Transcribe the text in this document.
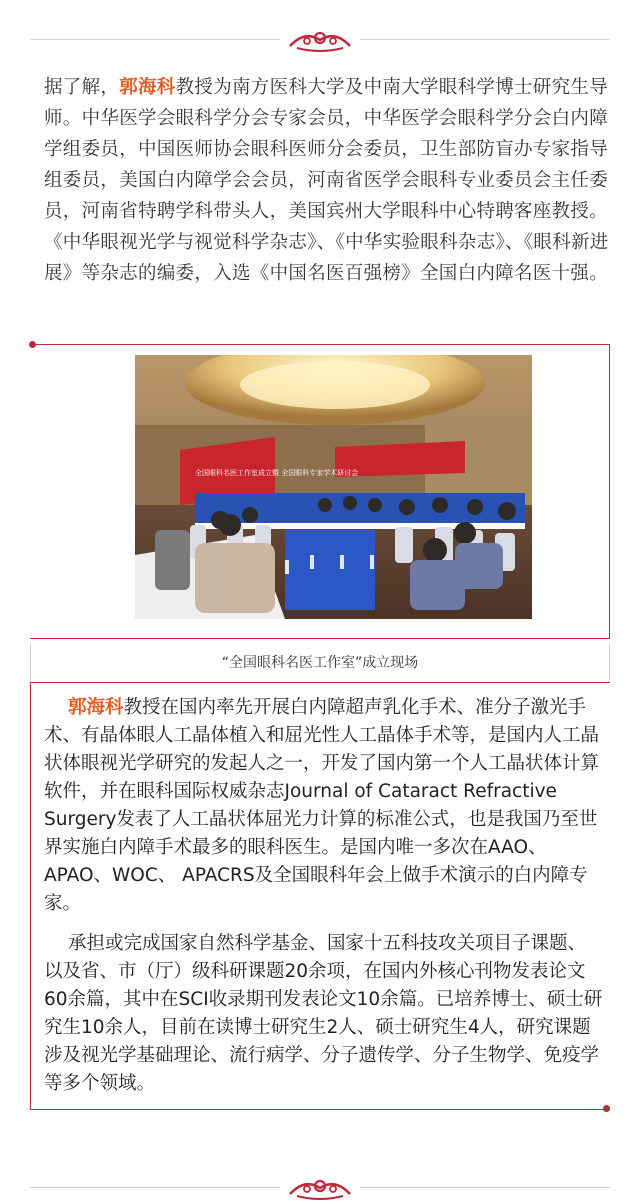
据了解，郭海科教授为南方医科大学及中南大学眼科学博士研究生导师。中华医学会眼科学分会专家会员，中华医学会眼科学分会白内障学组委员，中国医师协会眼科医师分会委员，卫生部防盲办专家指导组委员，美国白内障学会会员，河南省医学会眼科专业委员会主任委员，河南省特聘学科带头人，美国宾州大学眼科中心特聘客座教授。《中华眼视光学与视觉科学杂志》、《中华实验眼科杂志》、《眼科新进展》等杂志的编委，入选《中国名医百强榜》全国白内障名医十强。

全国眼科名医工作室成立暨 全国眼科专家学术研讨会
“全国眼科名医工作室”成立现场

郭海科教授在国内率先开展白内障超声乳化手术、准分子激光手术、有晶体眼人工晶体植入和屈光性人工晶体手术等，是国内人工晶状体眼视光学研究的发起人之一，开发了国内第一个人工晶状体计算软件，并在眼科国际权威杂志Journal of Cataract Refractive Surgery发表了人工晶状体屈光力计算的标准公式，也是我国乃至世界实施白内障手术最多的眼科医生。是国内唯一多次在AAO、APAO、WOC、 APACRS及全国眼科年会上做手术演示的白内障专家。

承担或完成国家自然科学基金、国家十五科技攻关项目子课题、以及省、市（厅）级科研课题20余项，在国内外核心刊物发表论文60余篇，其中在SCI收录期刊发表论文10余篇。已培养博士、硕士研究生10余人，目前在读博士研究生2人、硕士研究生4人，研究课题涉及视光学基础理论、流行病学、分子遗传学、分子生物学、免疫学等多个领域。
